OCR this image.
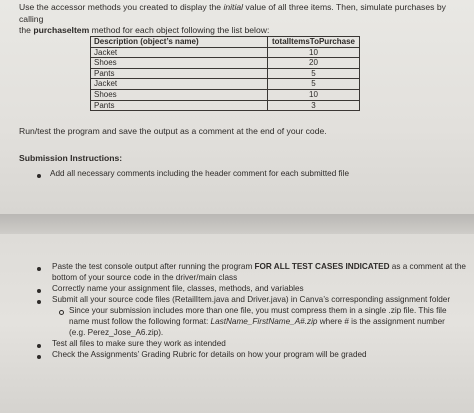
Use the accessor methods you created to display the initial value of all three items. Then, simulate purchases by calling
the purchaseItem method for each object following the list below:
Description (object’s name)	totalItemsToPurchase
Jacket	10
Shoes	20
Pants	5
Jacket	5
Shoes	10
Pants	3
Run/test the program and save the output as a comment at the end of your code.
Submission Instructions:
Add all necessary comments including the header comment for each submitted file
Paste the test console output after running the program FOR ALL TEST CASES INDICATED as a comment at the
bottom of your source code in the driver/main class
Correctly name your assignment file, classes, methods, and variables
Submit all your source code files (RetailItem.java and Driver.java) in Canva’s corresponding assignment folder
Since your submission includes more than one file, you must compress them in a single .zip file. This file
name must follow the following format: LastName_FirstName_A#.zip where # is the assignment number
(e.g. Perez_Jose_A6.zip).
Test all files to make sure they work as intended
Check the Assignments’ Grading Rubric for details on how your program will be graded
